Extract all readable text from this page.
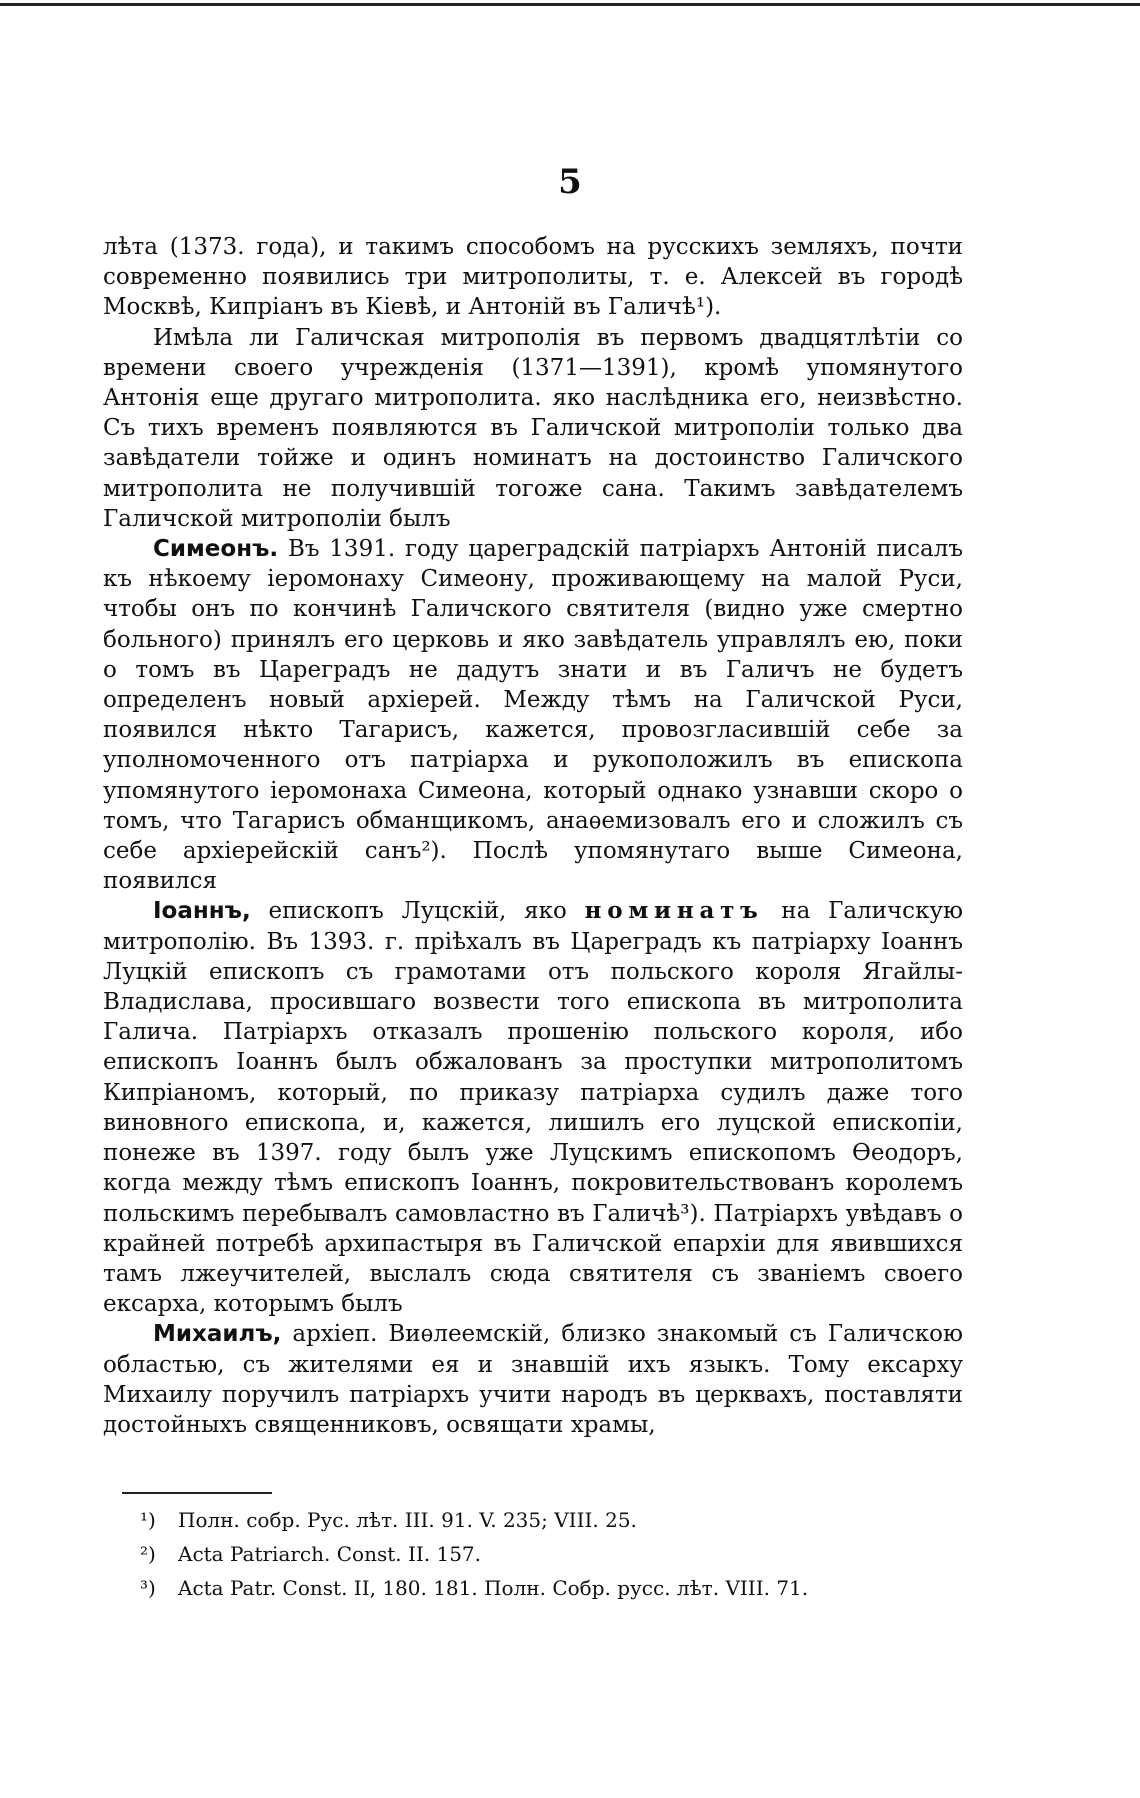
5

лѣта (1373. года), и такимъ способомъ на русскихъ земляхъ, почти современно появились три митрополиты, т. е. Алексей въ городѣ Москвѣ, Кипріанъ въ Кіевѣ, и Антоній въ Галичѣ¹).

Имѣла ли Галичская митрополія въ первомъ двадцятлѣтіи со времени своего учрежденія (1371—1391), кромѣ упомянутого Антонія еще другаго митрополита. яко наслѣдника его, неизвѣстно. Съ тихъ временъ появляются въ Галичской митрополіи только два завѣдатели тойже и одинъ номинатъ на достоинство Галичского митрополита не получившій тогоже сана. Такимъ завѣдателемъ Галичской митрополіи былъ

Симеонъ. Въ 1391. году цареградскій патріархъ Антоній писалъ къ нѣкоему іеромонаху Симеону, проживающему на малой Руси, чтобы онъ по кончинѣ Галичского святителя (видно уже смертно больного) принялъ его церковь и яко завѣдатель управлялъ ею, поки о томъ въ Цареградъ не дадутъ знати и въ Галичъ не будетъ определенъ новый архіерей. Между тѣмъ на Галичской Руси, появился нѣкто Тагарисъ, кажется, провозгласившій себе за уполномоченного отъ патріарха и рукоположилъ въ епископа упомянутого іеромонаха Симеона, который однако узнавши скоро о томъ, что Тагарисъ обманщикомъ, анаѳемизовалъ его и сложилъ съ себе архіерейскій санъ²). Послѣ упомянутаго выше Симеона, появился

Іоаннъ, епископъ Луцскій, яко номинатъ на Галичскую митрополію. Въ 1393. г. пріѣхалъ въ Цареградъ къ патріарху Іоаннъ Луцкій епископъ съ грамотами отъ польского короля Ягайлы-Владислава, просившаго возвести того епископа въ митрополита Галича. Патріархъ отказалъ прошенію польского короля, ибо епископъ Іоаннъ былъ обжалованъ за проступки митрополитомъ Кипріаномъ, который, по приказу патріарха судилъ даже того виновного епископа, и, кажется, лишилъ его луцской епископіи, понеже въ 1397. году былъ уже Луцскимъ епископомъ Ѳеодоръ, когда между тѣмъ епископъ Іоаннъ, покровительствованъ королемъ польскимъ перебывалъ самовластно въ Галичѣ³). Патріархъ увѣдавъ о крайней потребѣ архипастыря въ Галичской епархіи для явившихся тамъ лжеучителей, выслалъ сюда святителя съ званіемъ своего ексарха, которымъ былъ

Михаилъ, архіеп. Виѳлеемскій, близко знакомый съ Галичскою областью, съ жителями ея и знавшій ихъ языкъ. Тому ексарху Михаилу поручилъ патріархъ учити народъ въ церквахъ, поставляти достойныхъ священниковъ, освящати храмы,

¹) Полн. собр. Рус. лѣт. III. 91. V. 235; VIII. 25.

²) Acta Patriarch. Const. II. 157.

³) Acta Patr. Const. II, 180. 181. Полн. Собр. русс. лѣт. VIII. 71.
